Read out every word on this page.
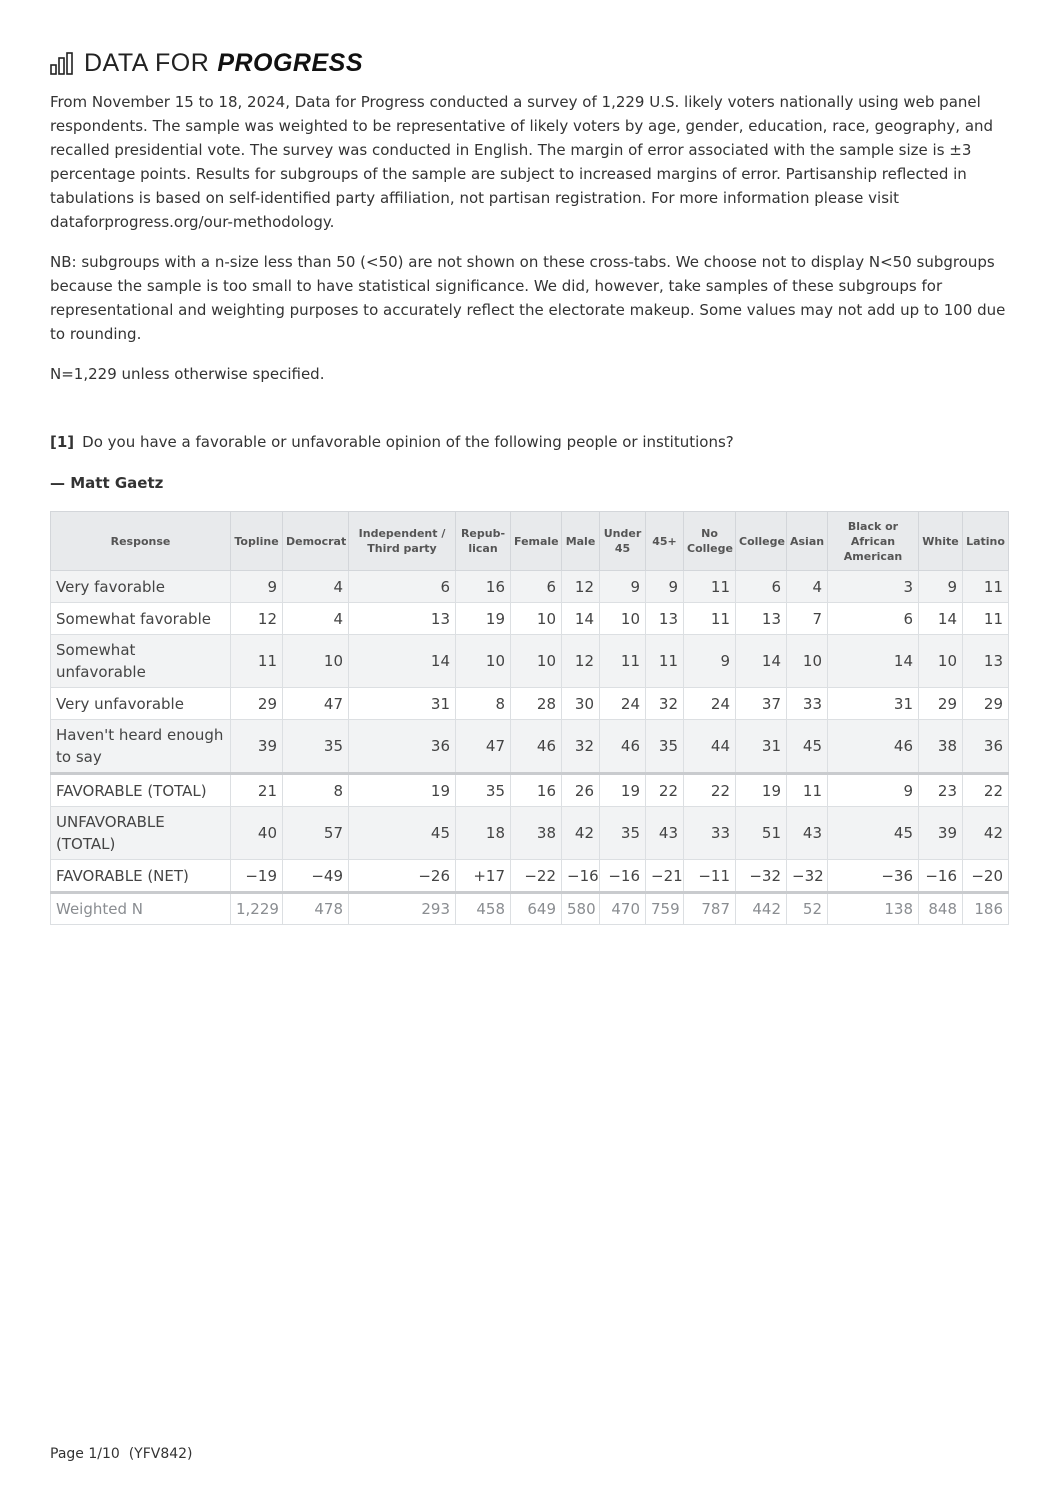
DATA FOR PROGRESS

From November 15 to 18, 2024, Data for Progress conducted a survey of 1,229 U.S. likely voters nationally using web panel respondents. The sample was weighted to be representative of likely voters by age, gender, education, race, geography, and recalled presidential vote. The survey was conducted in English. The margin of error associated with the sample size is ±3 percentage points. Results for subgroups of the sample are subject to increased margins of error. Partisanship reflected in tabulations is based on self-identified party affiliation, not partisan registration. For more information please visit dataforprogress.org/our-methodology.

NB: subgroups with a n-size less than 50 (<50) are not shown on these cross-tabs. We choose not to display N<50 subgroups because the sample is too small to have statistical significance. We did, however, take samples of these subgroups for representational and weighting purposes to accurately reflect the electorate makeup. Some values may not add up to 100 due to rounding.

N=1,229 unless otherwise specified.

[1] Do you have a favorable or unfavorable opinion of the following people or institutions?
— Matt Gaetz
Response	Topline	Democrat	Independent / Third party	Repub- lican	Female	Male	Under 45	45+	No College	College	Asian	Black or African American	White	Latino
Very favorable	9	4	6	16	6	12	9	9	11	6	4	3	9	11
Somewhat favorable	12	4	13	19	10	14	10	13	11	13	7	6	14	11
Somewhat unfavorable	11	10	14	10	10	12	11	11	9	14	10	14	10	13
Very unfavorable	29	47	31	8	28	30	24	32	24	37	33	31	29	29
Haven't heard enough to say	39	35	36	47	46	32	46	35	44	31	45	46	38	36
FAVORABLE (TOTAL)	21	8	19	35	16	26	19	22	22	19	11	9	23	22
UNFAVORABLE (TOTAL)	40	57	45	18	38	42	35	43	33	51	43	45	39	42
FAVORABLE (NET)	−19	−49	−26	+17	−22	−16	−16	−21	−11	−32	−32	−36	−16	−20
Weighted N	1,229	478	293	458	649	580	470	759	787	442	52	138	848	186
Page 1/10 (YFV842)
